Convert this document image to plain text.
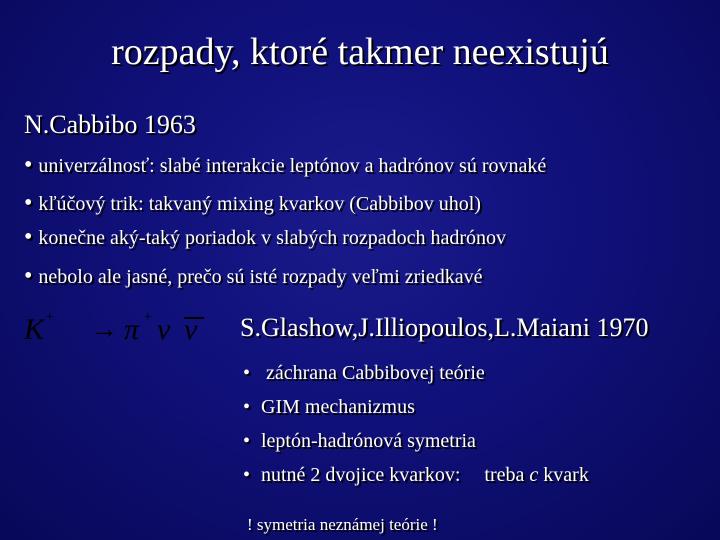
rozpady, ktoré takmer neexistujú
N.Cabbibo 1963
• univerzálnosť: slabé interakcie leptónov a hadrónov sú rovnaké
• kľúčový trik: takvaný mixing kvarkov (Cabbibov uhol)
• konečne aký-taký poriadok v slabých rozpadoch hadrónov
• nebolo ale jasné, prečo sú isté rozpady veľmi zriedkavé
K + → π + ν ν S.Glashow,J.Illiopoulos,L.Maiani 1970
• záchrana Cabbibovej teórie
• GIM mechanizmus
• leptón-hadrónová symetria
• nutné 2 dvojice kvarkov: treba c kvark
! symetria neznámej teórie !
